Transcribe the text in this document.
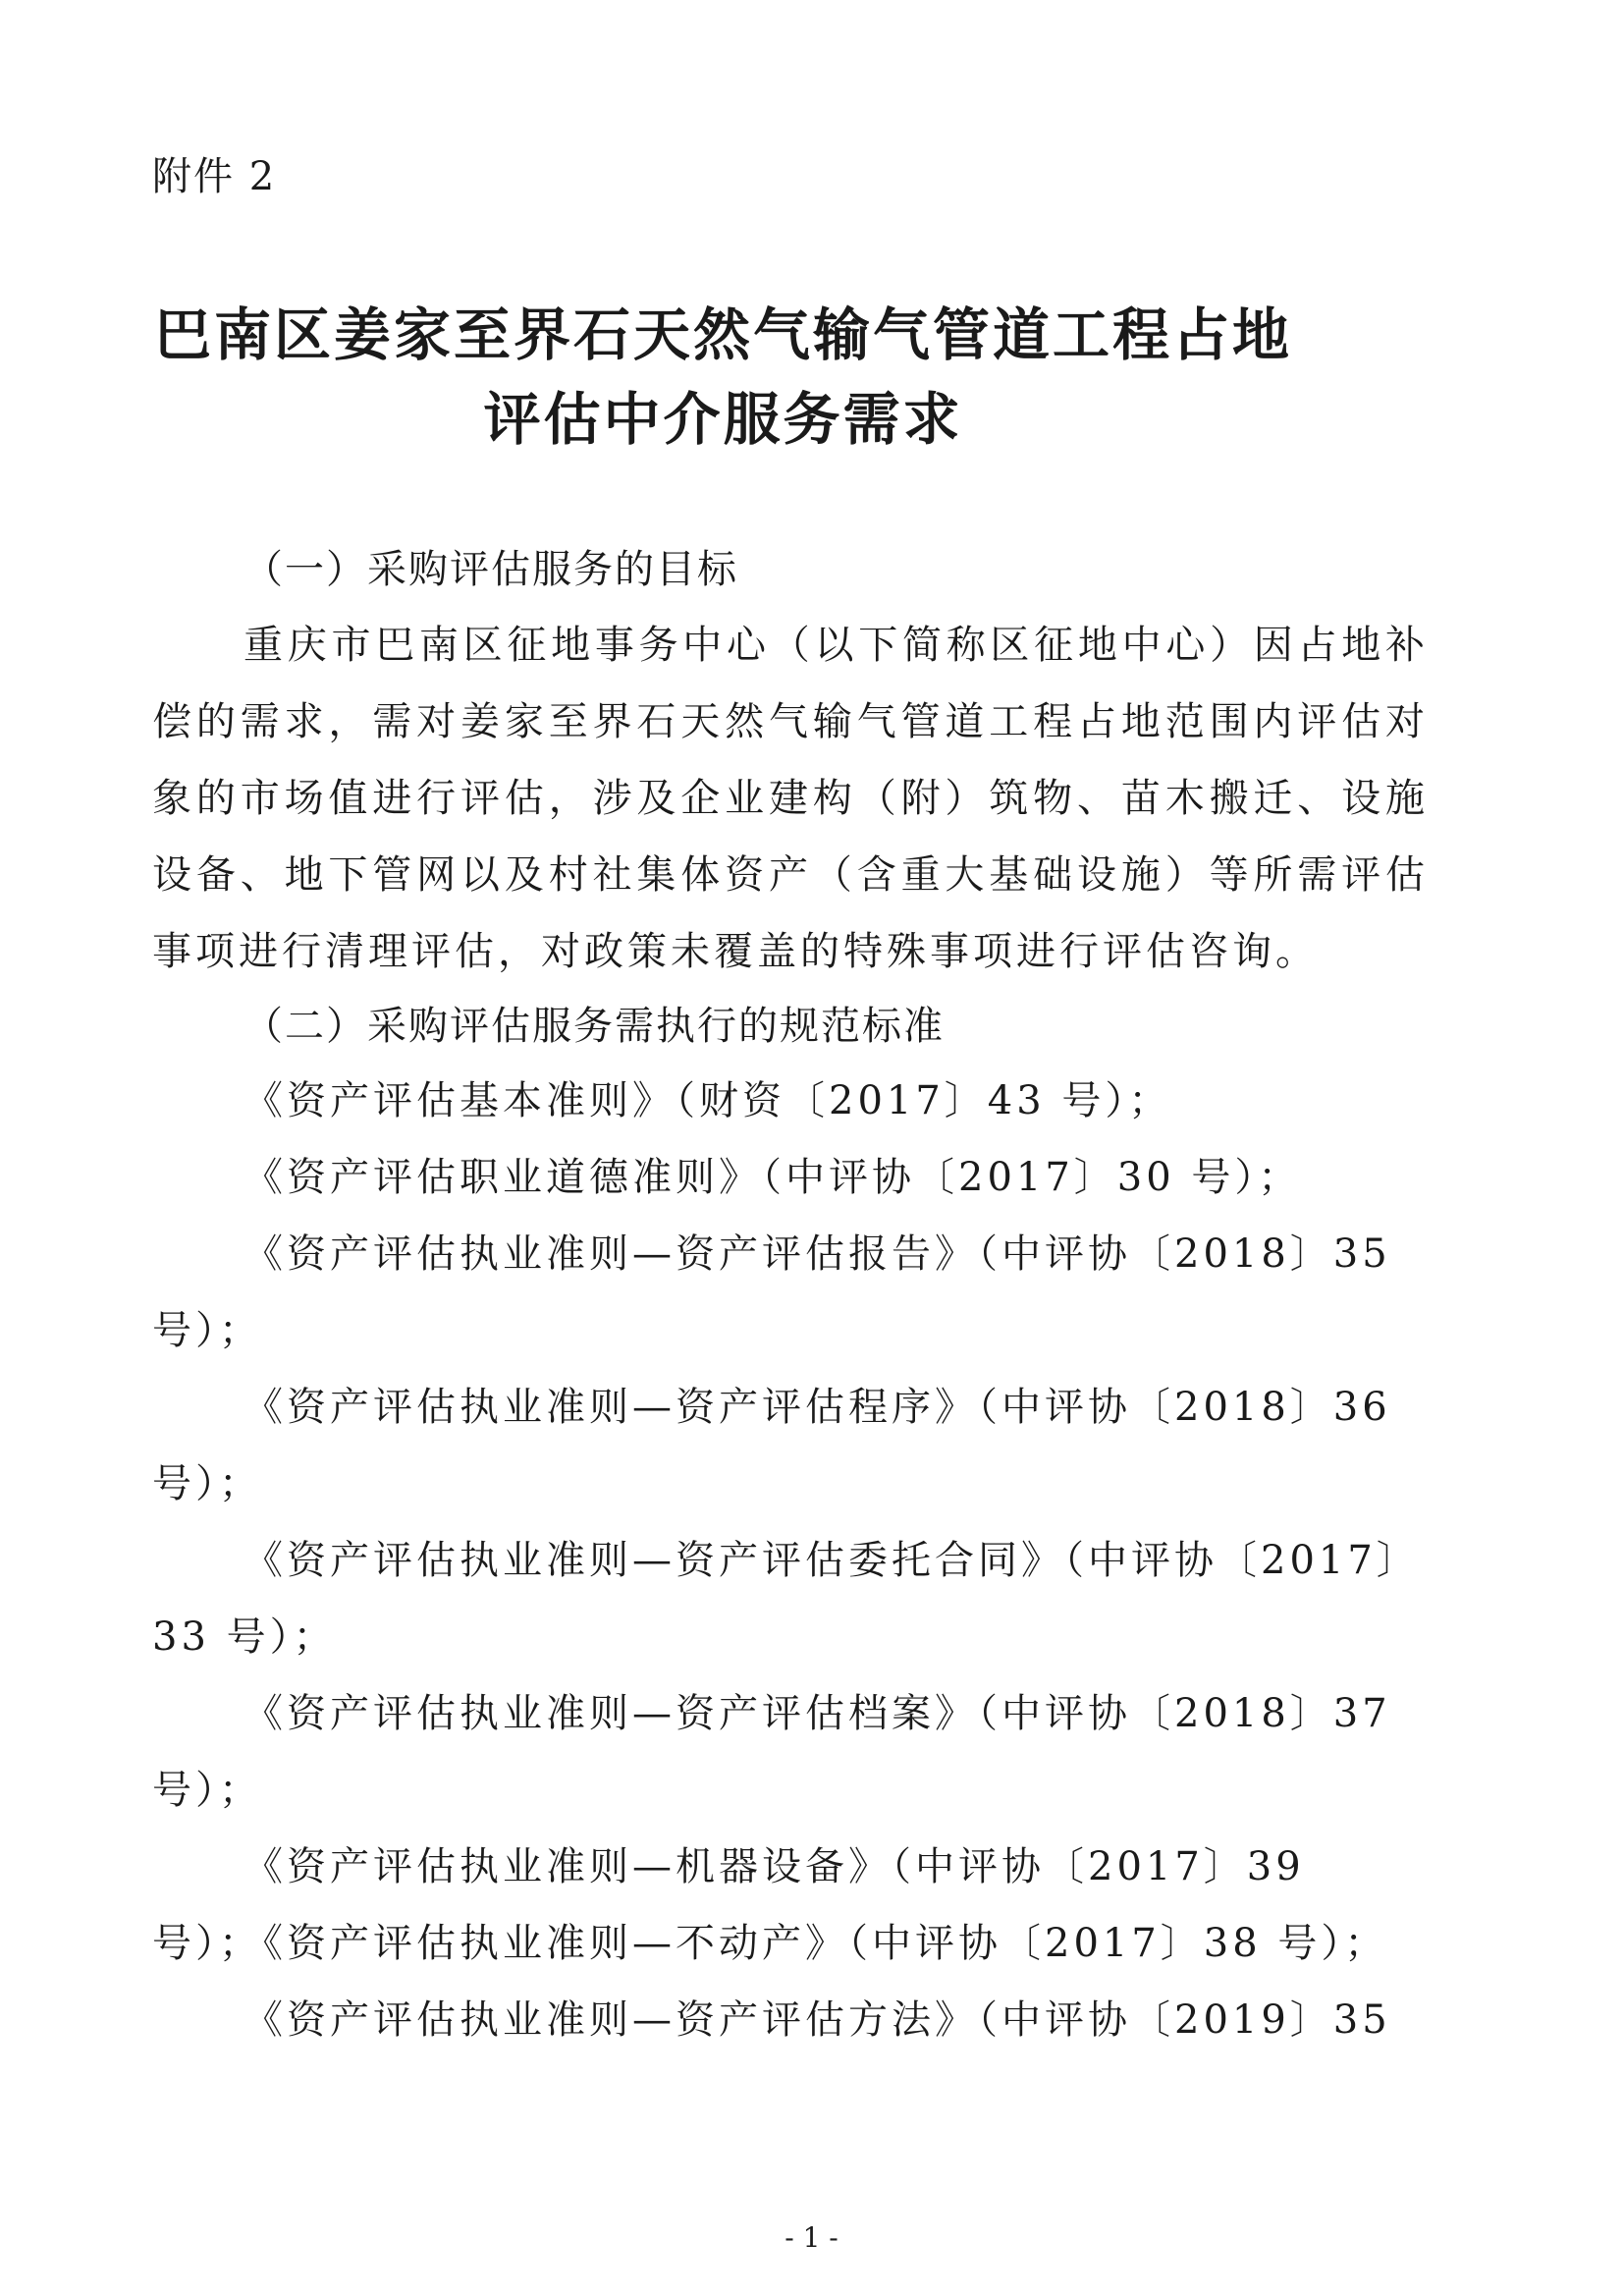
附件 2
巴南区姜家至界石天然气输气管道工程占地
评估中介服务需求
（一）采购评估服务的目标
重庆市巴南区征地事务中心（以下简称区征地中心）因占地补偿的需求，需对姜家至界石天然气输气管道工程占地范围内评估对象的市场值进行评估，涉及企业建构（附）筑物、苗木搬迁、设施设备、地下管网以及村社集体资产（含重大基础设施）等所需评估事项进行清理评估，对政策未覆盖的特殊事项进行评估咨询。
（二）采购评估服务需执行的规范标准
《资产评估基本准则》（财资〔2017〕43 号）；
《资产评估职业道德准则》（中评协〔2017〕30 号）；
《资产评估执业准则—资产评估报告》（中评协〔2018〕35 号）；
《资产评估执业准则—资产评估程序》（中评协〔2018〕36 号）；
《资产评估执业准则—资产评估委托合同》（中评协〔2017〕33 号）；
《资产评估执业准则—资产评估档案》（中评协〔2018〕37 号）；
《资产评估执业准则—机器设备》（中评协〔2017〕39 号）；
《资产评估执业准则—不动产》（中评协〔2017〕38 号）；
《资产评估执业准则—资产评估方法》（中评协〔2019〕35
- 1 -
